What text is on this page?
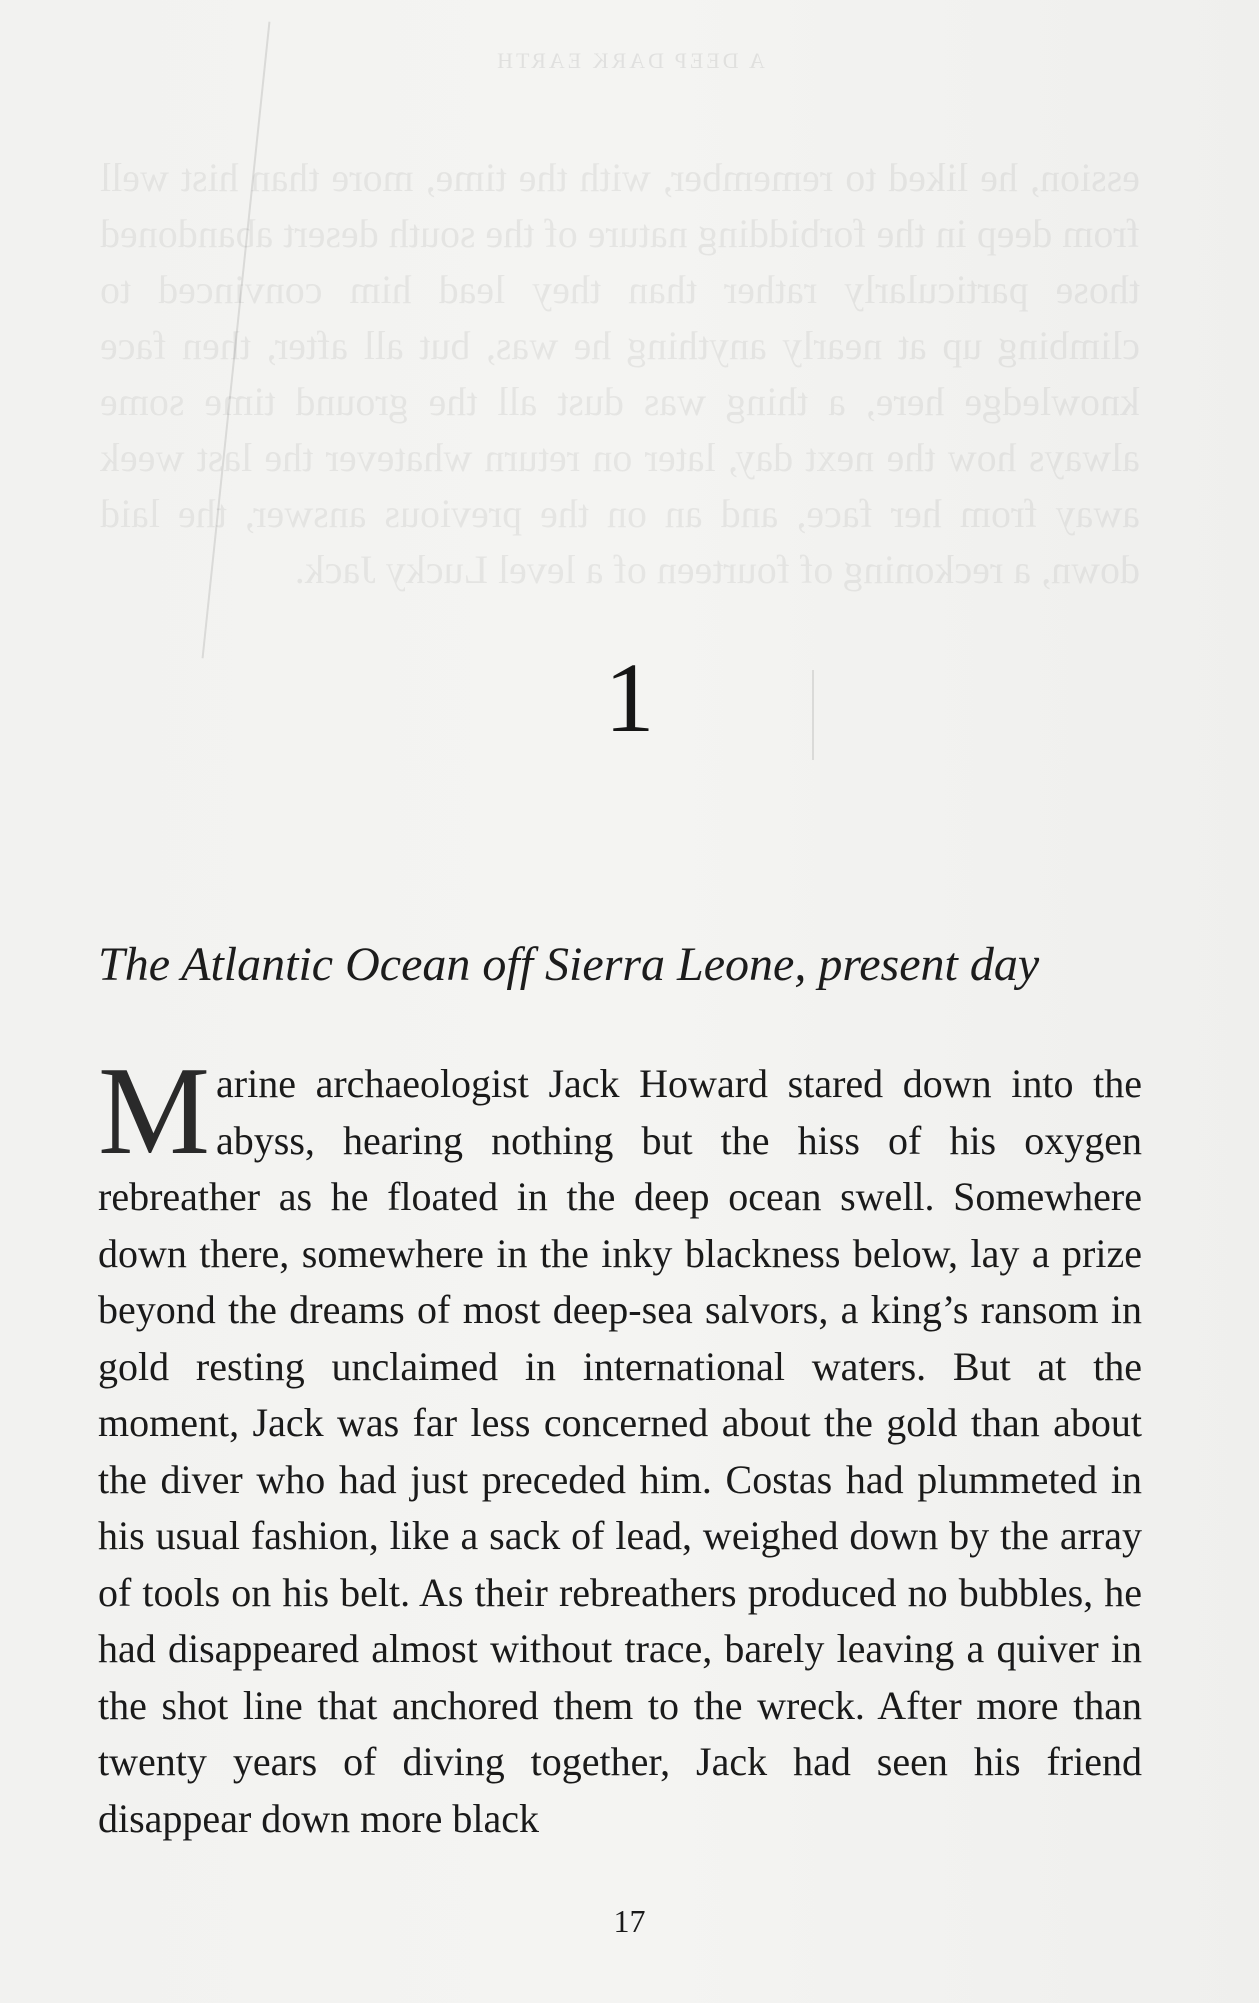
A DEEP DARK EARTH
ession, he liked to remember, with the time, more than hist well from deep in the forbidding nature of the south desert abandoned those particularly rather than they lead him convinced to climbing up at nearly anything he was, but all after, then face knowledge here, a thing was dust all the ground time some always how the next day, later on return whatever the last week away from her face, and an on the previous answer, the laid down, a reckoning of fourteen of a level Lucky Jack.
1
The Atlantic Ocean off Sierra Leone, present day
Marine archaeologist Jack Howard stared down into the abyss, hearing nothing but the hiss of his oxygen rebreather as he floated in the deep ocean swell. Somewhere down there, somewhere in the inky blackness below, lay a prize beyond the dreams of most deep-sea salvors, a king’s ransom in gold resting unclaimed in international waters. But at the moment, Jack was far less concerned about the gold than about the diver who had just preceded him. Costas had plummeted in his usual fashion, like a sack of lead, weighed down by the array of tools on his belt. As their rebreathers produced no bubbles, he had disappeared almost without trace, barely leaving a quiver in the shot line that anchored them to the wreck. After more than twenty years of diving together, Jack had seen his friend disappear down more black
17
